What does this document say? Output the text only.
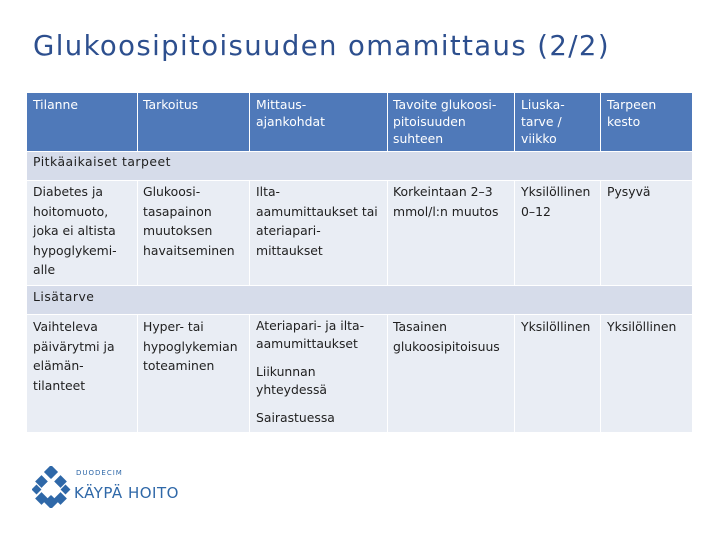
Glukoosipitoisuuden omamittaus (2/2)
Tilanne	Tarkoitus	Mittaus-
ajankohdat
Tavoite glukoosi-
pitoisuuden
suhteen
Liuska-
tarve /
viikko
Tarpeen
kesto
Pitkäaikaiset tarpeet
Diabetes ja
hoitomuoto,
joka ei altista
hypoglykemi-
alle
Glukoosi-
tasapainon
muutoksen
havaitseminen
Ilta-
aamumittaukset tai
ateriapari-
mittaukset
Korkeintaan 2–3
mmol/l:n muutos
Yksilöllinen
0–12
Pysyvä
Lisätarve
Vaihteleva
päivärytmi ja
elämän-
tilanteet
Hyper- tai
hypoglykemian
toteaminen
Ateriapari- ja ilta-
aamumittaukset
Liikunnan
yhteydessä
Sairastuessa
Tasainen
glukoosipitoisuus
Yksilöllinen Yksilöllinen
DUODECIM
KÄYPÄ HOITO
